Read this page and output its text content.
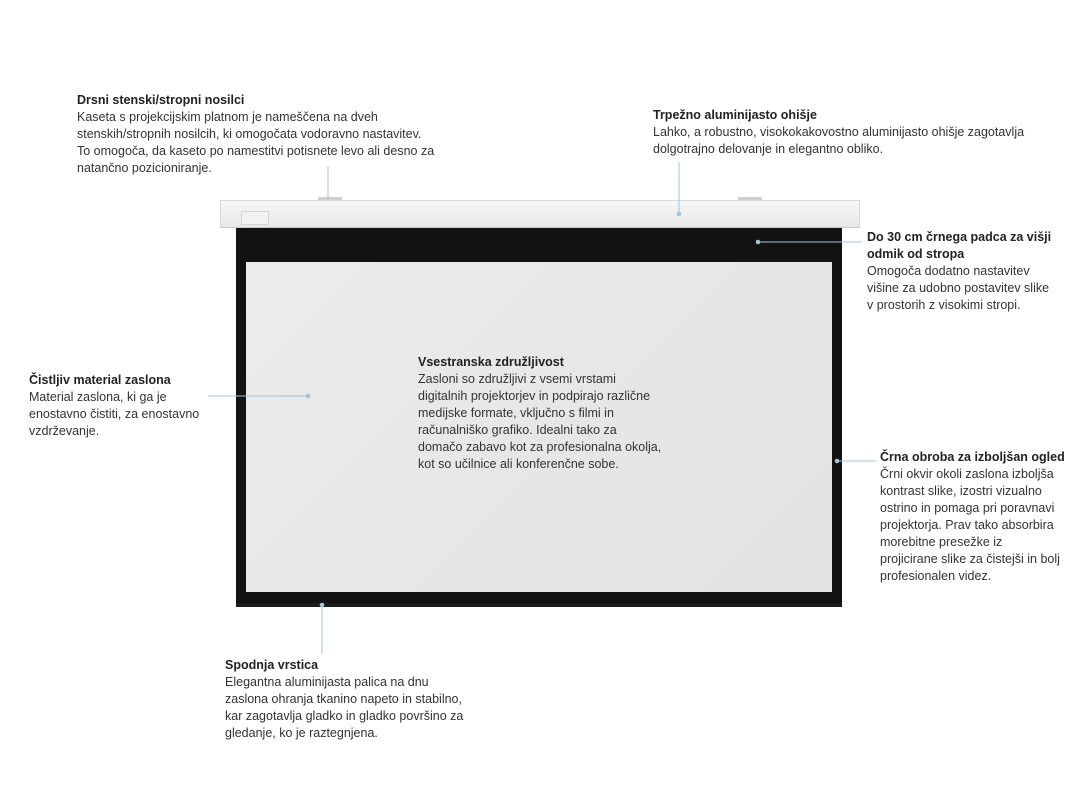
Drsni stenski/stropni nosilci

Kaseta s projekcijskim platnom je nameščena na dveh
stenskih/stropnih nosilcih, ki omogočata vodoravno nastavitev.
To omogoča, da kaseto po namestitvi potisnete levo ali desno za
natančno pozicioniranje.

Trpežno aluminijasto ohišje

Lahko, a robustno, visokokakovostno aluminijasto ohišje zagotavlja
dolgotrajno delovanje in elegantno obliko.

Do 30 cm črnega padca za višji
odmik od stropa

Omogoča dodatno nastavitev
višine za udobno postavitev slike
v prostorih z visokimi stropi.

Čistljiv material zaslona

Material zaslona, ki ga je
enostavno čistiti, za enostavno
vzdrževanje.

Vsestranska združljivost

Zasloni so združljivi z vsemi vrstami
digitalnih projektorjev in podpirajo različne
medijske formate, vključno s filmi in
računalniško grafiko. Idealni tako za
domačo zabavo kot za profesionalna okolja,
kot so učilnice ali konferenčne sobe.	Črna obroba za izboljšan ogled

Črni okvir okoli zaslona izboljša
kontrast slike, izostri vizualno
ostrino in pomaga pri poravnavi
projektorja. Prav tako absorbira
morebitne presežke iz
projicirane slike za čistejši in bolj
profesionalen videz.

Spodnja vrstica

Elegantna aluminijasta palica na dnu
zaslona ohranja tkanino napeto in stabilno,
kar zagotavlja gladko in gladko površino za
gledanje, ko je raztegnjena.
